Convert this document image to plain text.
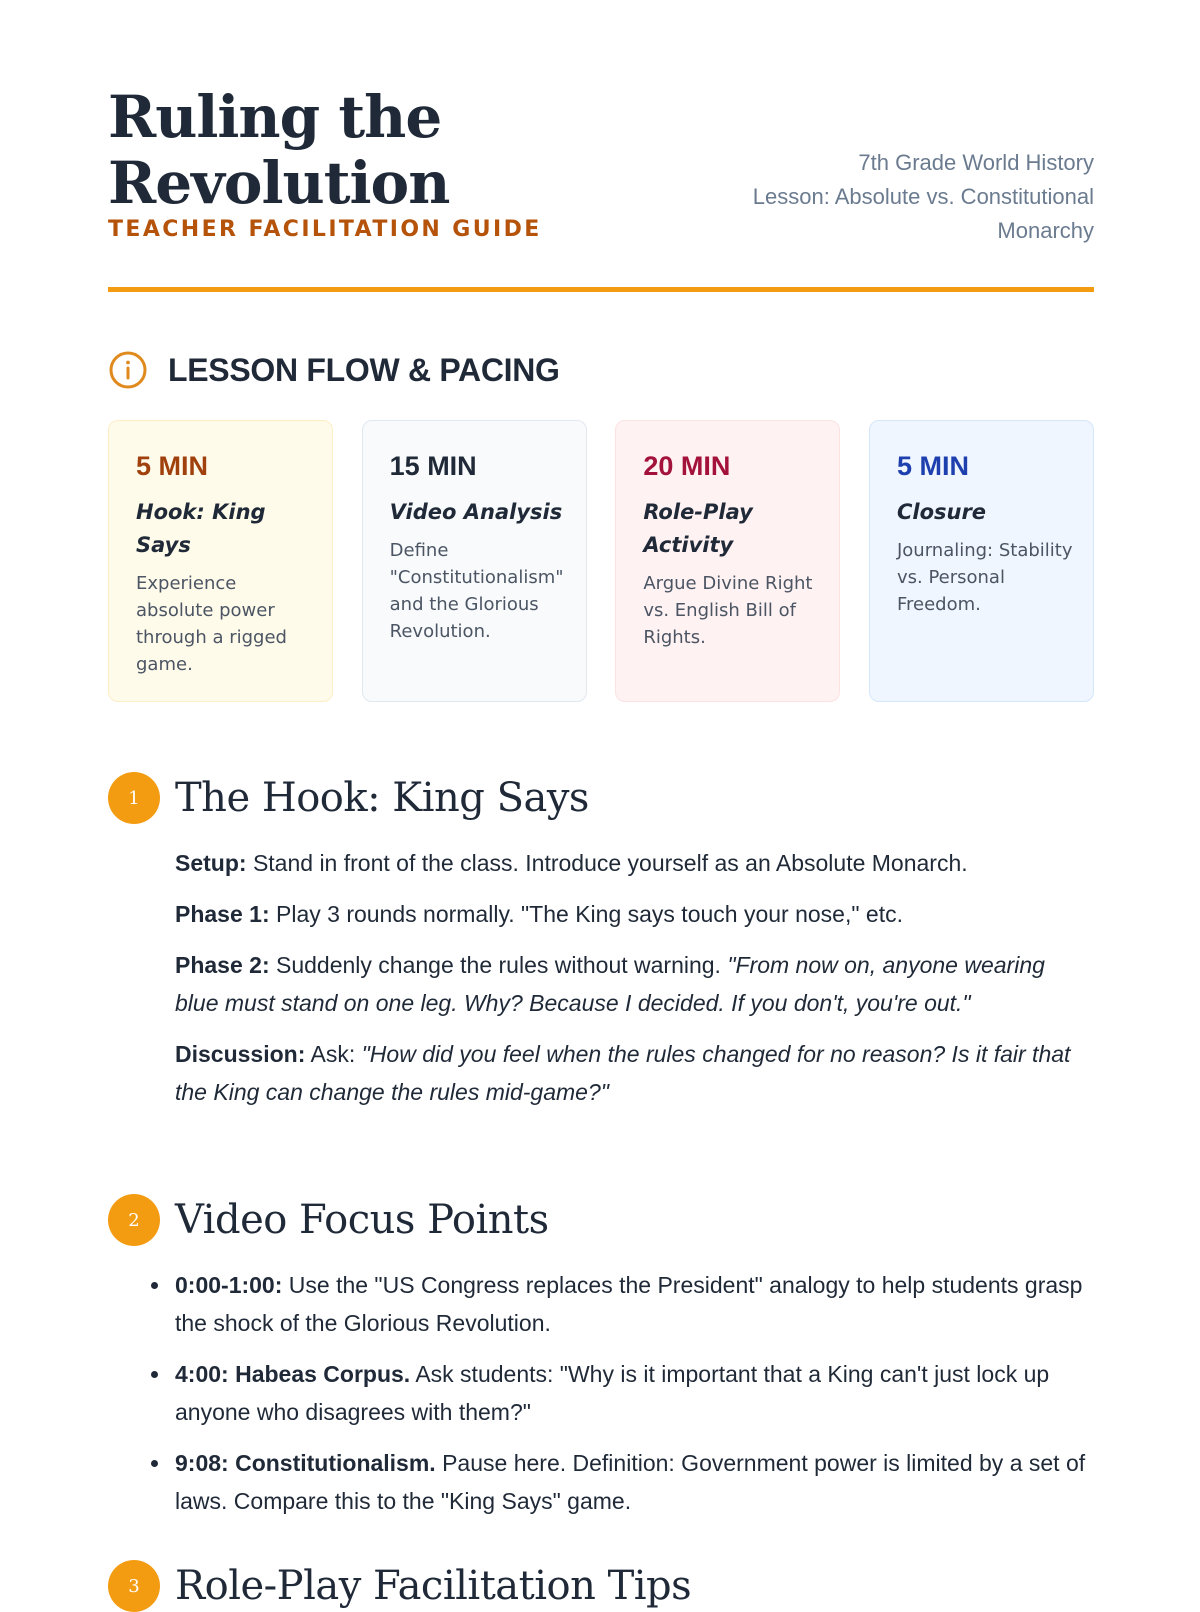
Ruling the
Revolution
TEACHER FACILITATION GUIDE
7th Grade World History
Lesson: Absolute vs. Constitutional
Monarchy
LESSON FLOW & PACING
5 MIN
Hook: King Says
Experience absolute power through a rigged game.
15 MIN
Video Analysis
Define "Constitutionalism" and the Glorious Revolution.
20 MIN
Role-Play Activity
Argue Divine Right vs. English Bill of Rights.
5 MIN
Closure
Journaling: Stability vs. Personal Freedom.
1 The Hook: King Says

Setup: Stand in front of the class. Introduce yourself as an Absolute Monarch.

Phase 1: Play 3 rounds normally. "The King says touch your nose," etc.

Phase 2: Suddenly change the rules without warning. "From now on, anyone wearing blue must stand on one leg. Why? Because I decided. If you don't, you're out."

Discussion: Ask: "How did you feel when the rules changed for no reason? Is it fair that the King can change the rules mid-game?"

2 Video Focus Points
0:00-1:00: Use the "US Congress replaces the President" analogy to help students grasp the shock of the Glorious Revolution.
4:00: Habeas Corpus. Ask students: "Why is it important that a King can't just lock up anyone who disagrees with them?"
9:08: Constitutionalism. Pause here. Definition: Government power is limited by a set of laws. Compare this to the "King Says" game.
3 Role-Play Facilitation Tips
